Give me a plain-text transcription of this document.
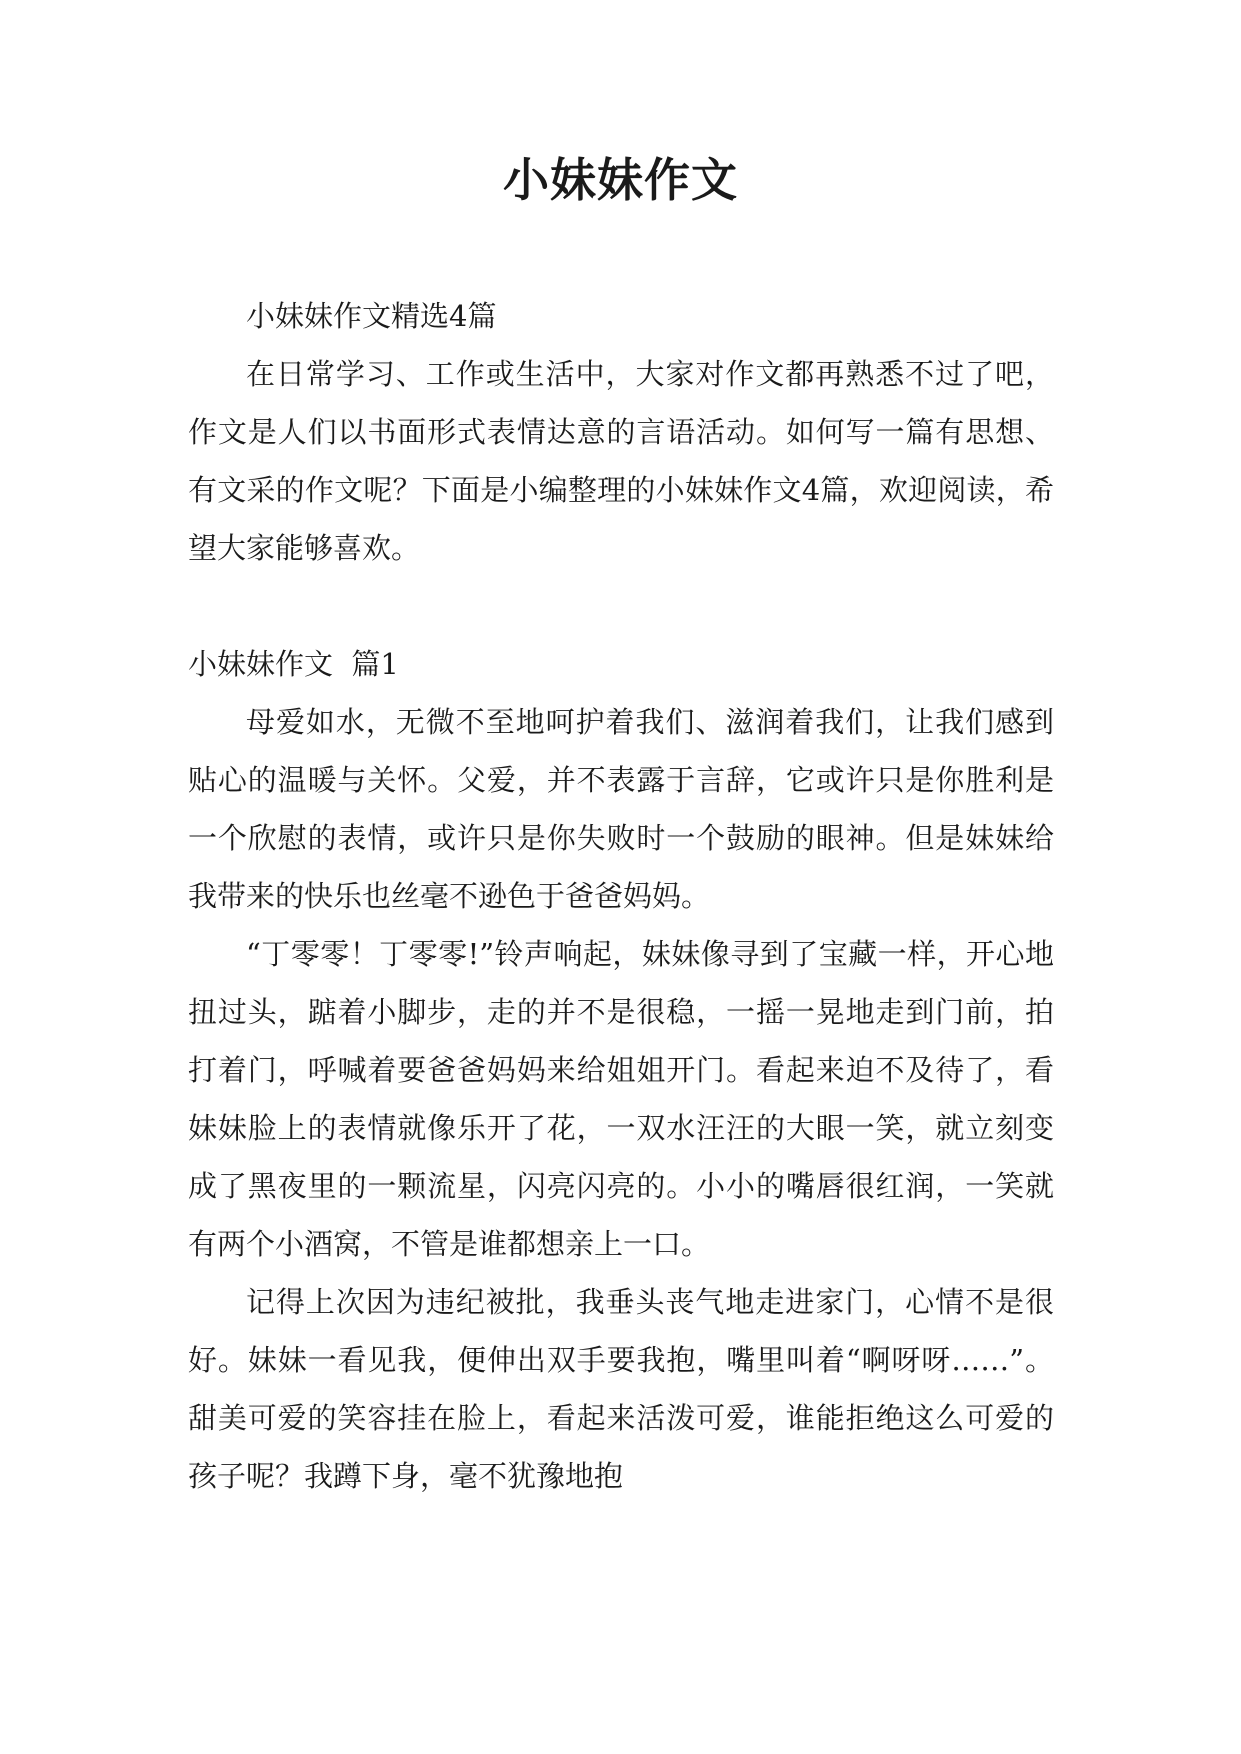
小妹妹作文

小妹妹作文精选4篇

在日常学习、工作或生活中，大家对作文都再熟悉不过了吧，作文是人们以书面形式表情达意的言语活动。如何写一篇有思想、有文采的作文呢？下面是小编整理的小妹妹作文4篇，欢迎阅读，希望大家能够喜欢。

小妹妹作文  篇1

母爱如水，无微不至地呵护着我们、滋润着我们，让我们感到贴心的温暖与关怀。父爱，并不表露于言辞，它或许只是你胜利是一个欣慰的表情，或许只是你失败时一个鼓励的眼神。但是妹妹给我带来的快乐也丝毫不逊色于爸爸妈妈。

“丁零零！丁零零!”铃声响起，妹妹像寻到了宝藏一样，开心地扭过头，踮着小脚步，走的并不是很稳，一摇一晃地走到门前，拍打着门，呼喊着要爸爸妈妈来给姐姐开门。看起来迫不及待了，看妹妹脸上的表情就像乐开了花，一双水汪汪的大眼一笑，就立刻变成了黑夜里的一颗流星，闪亮闪亮的。小小的嘴唇很红润，一笑就有两个小酒窝，不管是谁都想亲上一口。

记得上次因为违纪被批，我垂头丧气地走进家门，心情不是很好。妹妹一看见我，便伸出双手要我抱，嘴里叫着“啊呀呀……”。甜美可爱的笑容挂在脸上，看起来活泼可爱，谁能拒绝这么可爱的孩子呢？我蹲下身，毫不犹豫地抱
